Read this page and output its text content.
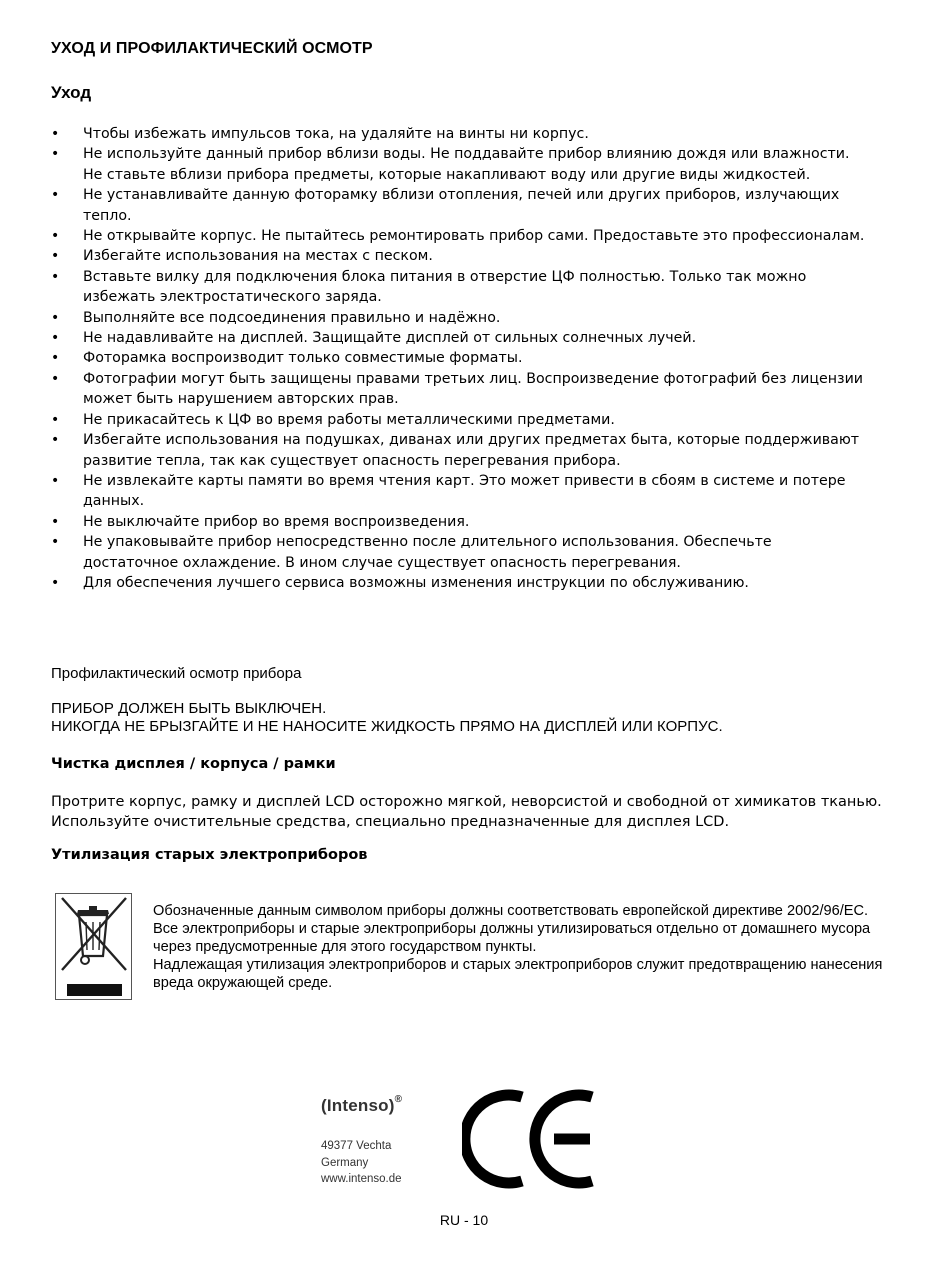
УХОД И ПРОФИЛАКТИЧЕСКИЙ ОСМОТР
Уход
•	Чтобы избежать импульсов тока, на удаляйте на винты ни корпус.
•	Не используйте данный прибор вблизи воды. Не поддавайте прибор влиянию дождя или влажности. Не ставьте вблизи прибора предметы, которые накапливают воду или другие виды жидкостей.
•	Не устанавливайте данную фоторамку вблизи отопления, печей или других приборов, излучающих тепло.
•	Не открывайте корпус. Не пытайтесь ремонтировать прибор сами. Предоставьте это профессионалам.
•	Избегайте использования на местах с песком.
•	Вставьте вилку для подключения блока питания в отверстие ЦФ полностью. Только так можно избежать электростатического заряда.
•	Выполняйте все подсоединения правильно и надёжно.
•	Не надавливайте на дисплей. Защищайте дисплей от сильных солнечных лучей.
•	Фоторамка воспроизводит только совместимые форматы.
•	Фотографии могут быть защищены правами третьих лиц. Воспроизведение фотографий без лицензии может быть нарушением авторских прав.
•	Не прикасайтесь к ЦФ во время работы металлическими предметами.
•	Избегайте использования на подушках, диванах или других предметах быта, которые поддерживают развитие тепла, так как существует опасность перегревания прибора.
•	Не извлекайте карты памяти во время чтения карт. Это может привести в сбоям в системе и потере данных.
•	Не выключайте прибор во время воспроизведения.
•	Не упаковывайте прибор непосредственно после длительного использования. Обеспечьте достаточное охлаждение. В ином случае существует опасность перегревания.
•	Для обеспечения лучшего сервиса возможны изменения инструкции по обслуживанию.

Профилактический осмотр прибора

ПРИБОР ДОЛЖЕН БЫТЬ ВЫКЛЮЧЕН.
НИКОГДА НЕ БРЫЗГАЙТЕ И НЕ НАНОСИТЕ ЖИДКОСТЬ ПРЯМО НА ДИСПЛЕЙ ИЛИ КОРПУС.
Чистка дисплея / корпуса / рамки

Протрите корпус, рамку и дисплей LCD осторожно мягкой, неворсистой и свободной от химикатов тканью. Используйте очистительные средства, специально предназначенные для дисплея LCD.

Утилизация старых электроприборов
Обозначенные данным символом приборы должны соответствовать европейской директиве 2002/96/EC.
Все электроприборы и старые электроприборы должны утилизироваться отдельно от домашнего мусора через предусмотренные для этого государством пункты.
Надлежащая утилизация электроприборов и старых электроприборов служит предотвращению нанесения вреда окружающей среде.
(Intenso)®
49377 Vechta
Germany
www.intenso.de
RU - 10
